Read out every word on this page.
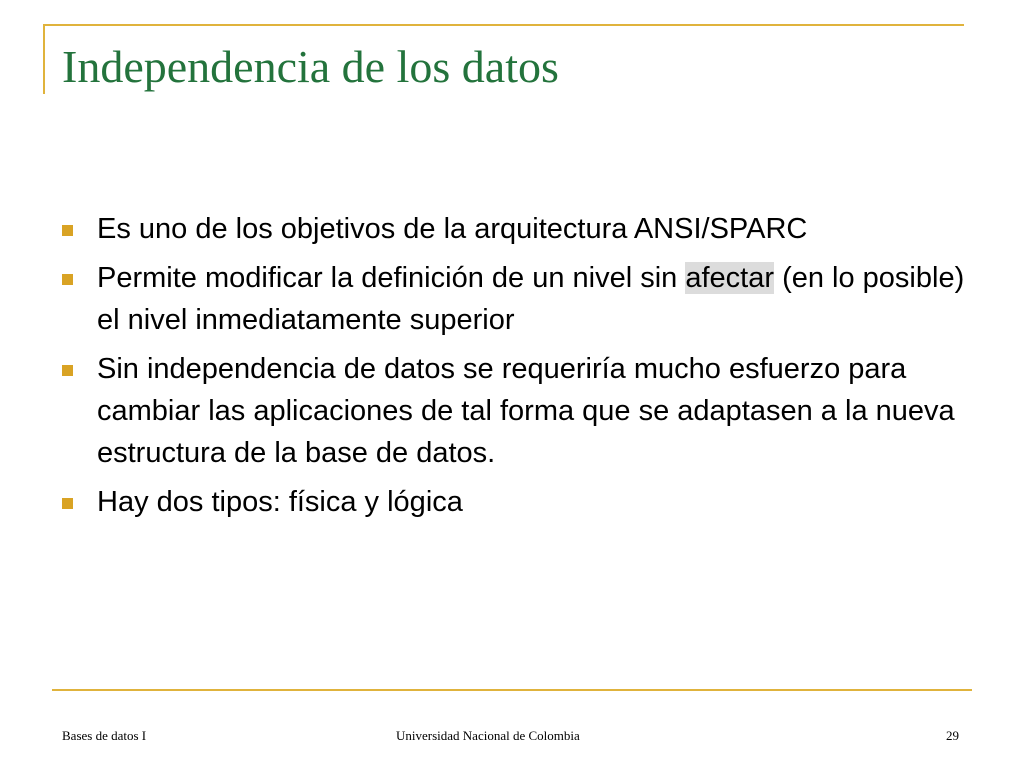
Independencia de los datos
Es uno de los objetivos de la arquitectura ANSI/SPARC
Permite modificar la definición de un nivel sin afectar (en lo posible) el nivel inmediatamente superior
Sin independencia de datos se requeriría mucho esfuerzo para cambiar las aplicaciones de tal forma que se adaptasen a la nueva estructura de la base de datos.
Hay dos tipos: física y lógica
Bases de datos I	Universidad Nacional de Colombia	29
